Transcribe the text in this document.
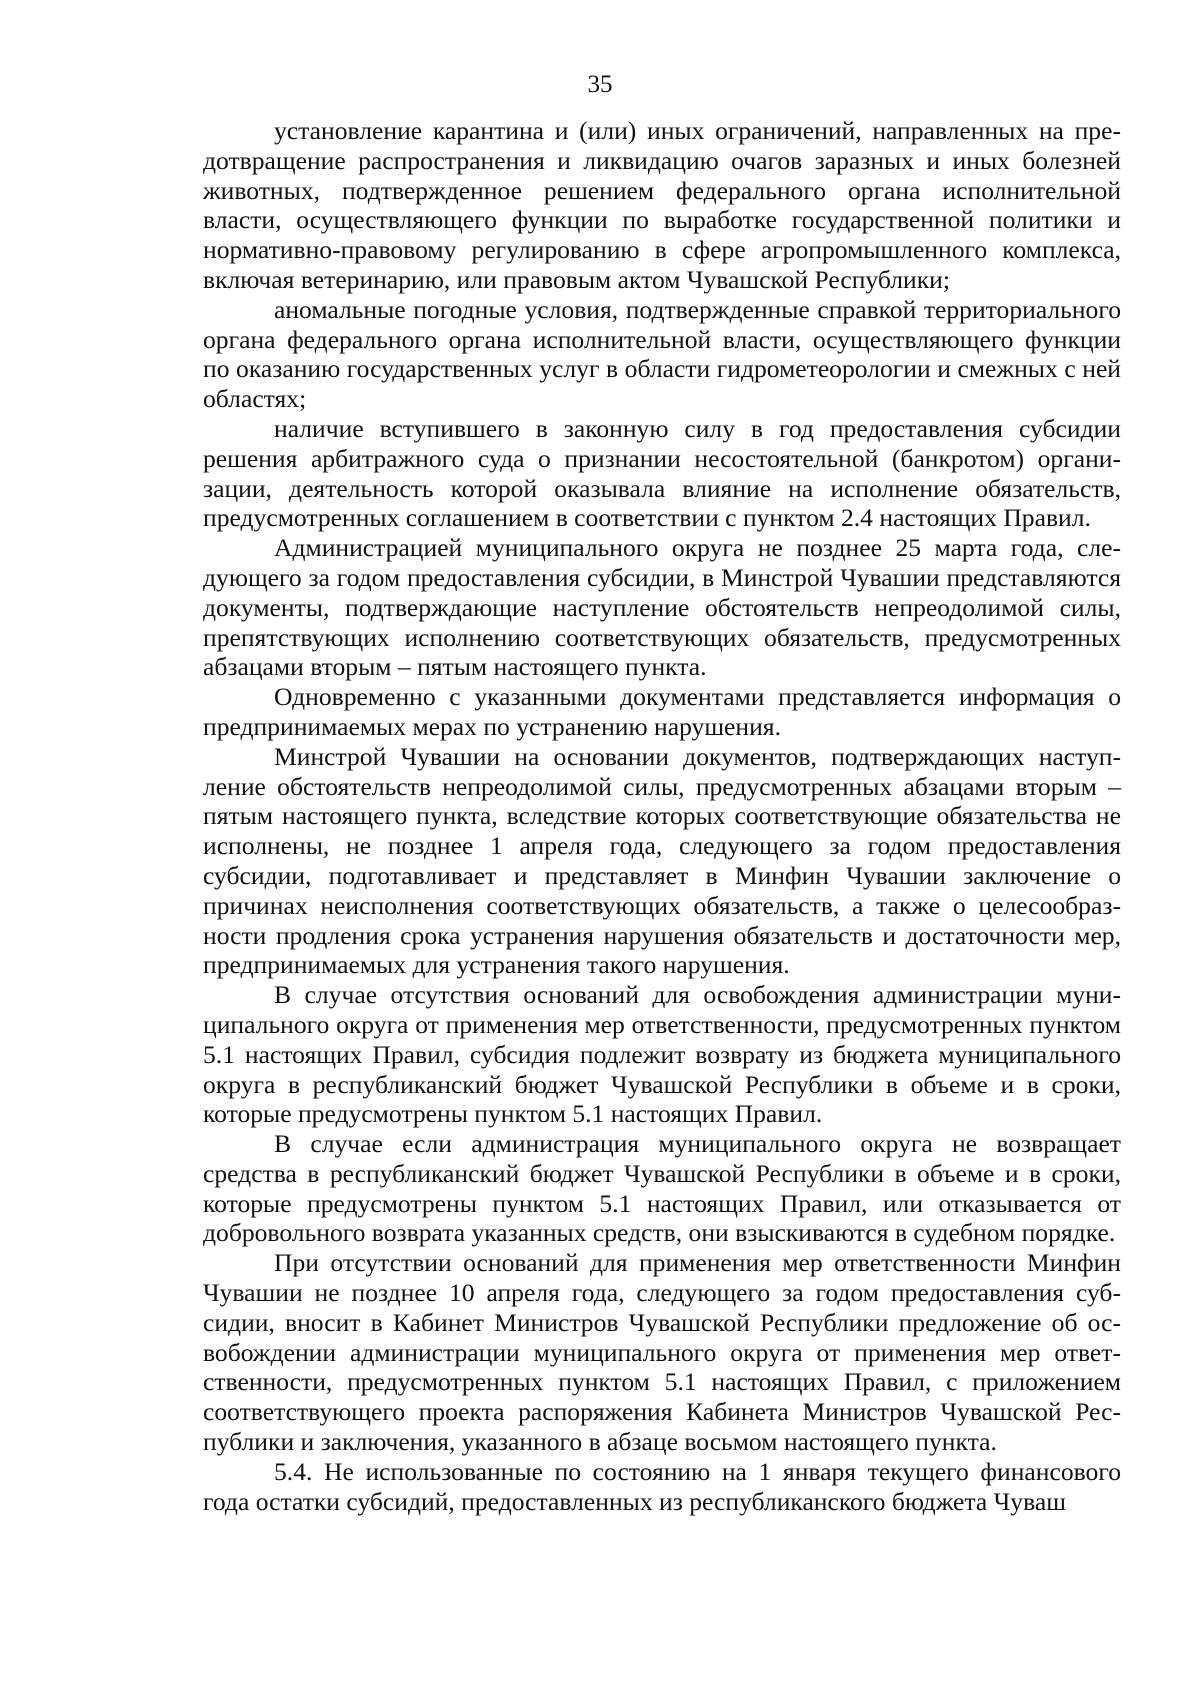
35

установление карантина и (или) иных ограничений, направленных на предотвращение распространения и ликвидацию очагов заразных и иных болезней животных, подтвержденное решением федерального органа исполнительной власти, осуществляющего функции по выработке государственной политики и нормативно-правовому регулированию в сфере агропромышленного комплекса, включая ветеринарию, или правовым актом Чувашской Республики;

аномальные погодные условия, подтвержденные справкой территориального органа федерального органа исполнительной власти, осуществляющего функции по оказанию государственных услуг в области гидрометеорологии и смежных с ней областях;

наличие вступившего в законную силу в год предоставления субсидии решения арбитражного суда о признании несостоятельной (банкротом) организации, деятельность которой оказывала влияние на исполнение обязательств, предусмотренных соглашением в соответствии с пунктом 2.4 настоящих Правил.

Администрацией муниципального округа не позднее 25 марта года, следующего за годом предоставления субсидии, в Минстрой Чувашии представляются документы, подтверждающие наступление обстоятельств непреодолимой силы, препятствующих исполнению соответствующих обязательств, предусмотренных абзацами вторым – пятым настоящего пункта.

Одновременно с указанными документами представляется информация о предпринимаемых мерах по устранению нарушения.

Минстрой Чувашии на основании документов, подтверждающих наступление обстоятельств непреодолимой силы, предусмотренных абзацами вторым – пятым настоящего пункта, вследствие которых соответствующие обязательства не исполнены, не позднее 1 апреля года, следующего за годом предоставления субсидии, подготавливает и представляет в Минфин Чувашии заключение о причинах неисполнения соответствующих обязательств, а также о целесообразности продления срока устранения нарушения обязательств и достаточности мер, предпринимаемых для устранения такого нарушения.

В случае отсутствия оснований для освобождения администрации муниципального округа от применения мер ответственности, предусмотренных пунктом 5.1 настоящих Правил, субсидия подлежит возврату из бюджета муниципального округа в республиканский бюджет Чувашской Республики в объеме и в сроки, которые предусмотрены пунктом 5.1 настоящих Правил.

В случае если администрация муниципального округа не возвращает средства в республиканский бюджет Чувашской Республики в объеме и в сроки, которые предусмотрены пунктом 5.1 настоящих Правил, или отказывается от добровольного возврата указанных средств, они взыскиваются в судебном порядке.

При отсутствии оснований для применения мер ответственности Минфин Чувашии не позднее 10 апреля года, следующего за годом предоставления субсидии, вносит в Кабинет Министров Чувашской Республики предложение об освобождении администрации муниципального округа от применения мер ответственности, предусмотренных пунктом 5.1 настоящих Правил, с приложением соответствующего проекта распоряжения Кабинета Министров Чувашской Республики и заключения, указанного в абзаце восьмом настоящего пункта.

5.4. Не использованные по состоянию на 1 января текущего финансового года остатки субсидий, предоставленных из республиканского бюджета Чуваш
